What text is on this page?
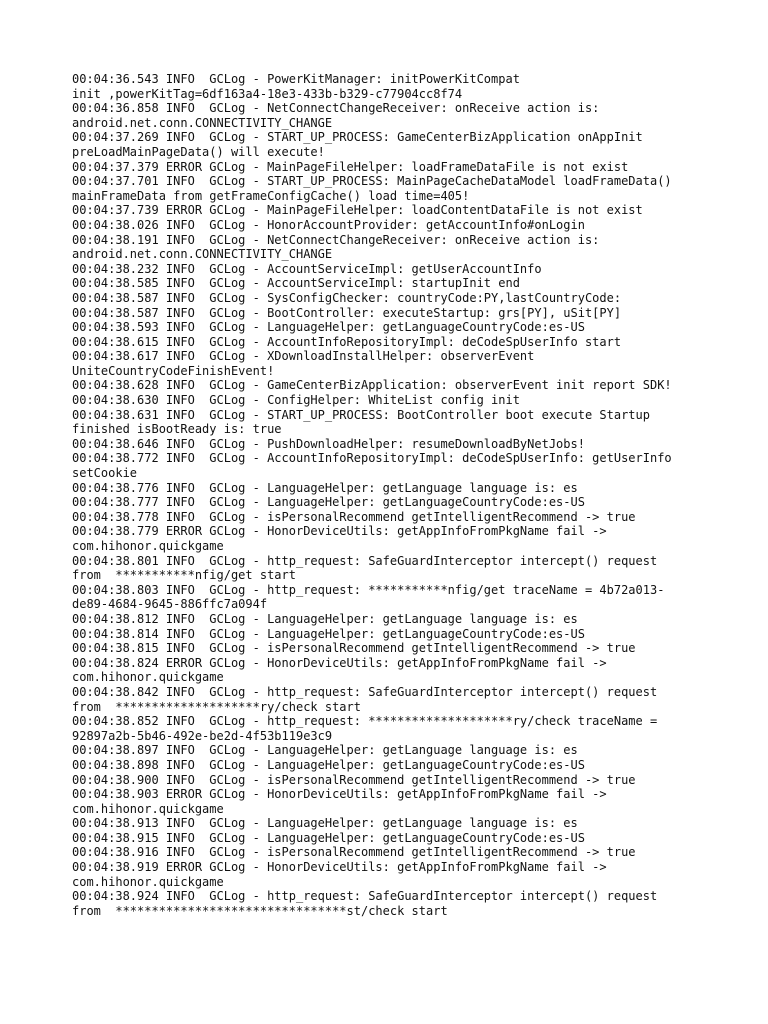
00:04:36.543 INFO  GCLog - PowerKitManager: initPowerKitCompat
init ,powerKitTag=6df163a4-18e3-433b-b329-c77904cc8f74
00:04:36.858 INFO  GCLog - NetConnectChangeReceiver: onReceive action is:
android.net.conn.CONNECTIVITY_CHANGE
00:04:37.269 INFO  GCLog - START_UP_PROCESS: GameCenterBizApplication onAppInit
preLoadMainPageData() will execute!
00:04:37.379 ERROR GCLog - MainPageFileHelper: loadFrameDataFile is not exist
00:04:37.701 INFO  GCLog - START_UP_PROCESS: MainPageCacheDataModel loadFrameData()
mainFrameData from getFrameConfigCache() load time=405!
00:04:37.739 ERROR GCLog - MainPageFileHelper: loadContentDataFile is not exist
00:04:38.026 INFO  GCLog - HonorAccountProvider: getAccountInfo#onLogin
00:04:38.191 INFO  GCLog - NetConnectChangeReceiver: onReceive action is:
android.net.conn.CONNECTIVITY_CHANGE
00:04:38.232 INFO  GCLog - AccountServiceImpl: getUserAccountInfo
00:04:38.585 INFO  GCLog - AccountServiceImpl: startupInit end
00:04:38.587 INFO  GCLog - SysConfigChecker: countryCode:PY,lastCountryCode:
00:04:38.587 INFO  GCLog - BootController: executeStartup: grs[PY], uSit[PY]
00:04:38.593 INFO  GCLog - LanguageHelper: getLanguageCountryCode:es-US
00:04:38.615 INFO  GCLog - AccountInfoRepositoryImpl: deCodeSpUserInfo start
00:04:38.617 INFO  GCLog - XDownloadInstallHelper: observerEvent
UniteCountryCodeFinishEvent!
00:04:38.628 INFO  GCLog - GameCenterBizApplication: observerEvent init report SDK!
00:04:38.630 INFO  GCLog - ConfigHelper: WhiteList config init
00:04:38.631 INFO  GCLog - START_UP_PROCESS: BootController boot execute Startup
finished isBootReady is: true
00:04:38.646 INFO  GCLog - PushDownloadHelper: resumeDownloadByNetJobs!
00:04:38.772 INFO  GCLog - AccountInfoRepositoryImpl: deCodeSpUserInfo: getUserInfo
setCookie
00:04:38.776 INFO  GCLog - LanguageHelper: getLanguage language is: es
00:04:38.777 INFO  GCLog - LanguageHelper: getLanguageCountryCode:es-US
00:04:38.778 INFO  GCLog - isPersonalRecommend getIntelligentRecommend -> true
00:04:38.779 ERROR GCLog - HonorDeviceUtils: getAppInfoFromPkgName fail ->
com.hihonor.quickgame
00:04:38.801 INFO  GCLog - http_request: SafeGuardInterceptor intercept() request
from  ***********nfig/get start
00:04:38.803 INFO  GCLog - http_request: ***********nfig/get traceName = 4b72a013-
de89-4684-9645-886ffc7a094f
00:04:38.812 INFO  GCLog - LanguageHelper: getLanguage language is: es
00:04:38.814 INFO  GCLog - LanguageHelper: getLanguageCountryCode:es-US
00:04:38.815 INFO  GCLog - isPersonalRecommend getIntelligentRecommend -> true
00:04:38.824 ERROR GCLog - HonorDeviceUtils: getAppInfoFromPkgName fail ->
com.hihonor.quickgame
00:04:38.842 INFO  GCLog - http_request: SafeGuardInterceptor intercept() request
from  ********************ry/check start
00:04:38.852 INFO  GCLog - http_request: ********************ry/check traceName =
92897a2b-5b46-492e-be2d-4f53b119e3c9
00:04:38.897 INFO  GCLog - LanguageHelper: getLanguage language is: es
00:04:38.898 INFO  GCLog - LanguageHelper: getLanguageCountryCode:es-US
00:04:38.900 INFO  GCLog - isPersonalRecommend getIntelligentRecommend -> true
00:04:38.903 ERROR GCLog - HonorDeviceUtils: getAppInfoFromPkgName fail ->
com.hihonor.quickgame
00:04:38.913 INFO  GCLog - LanguageHelper: getLanguage language is: es
00:04:38.915 INFO  GCLog - LanguageHelper: getLanguageCountryCode:es-US
00:04:38.916 INFO  GCLog - isPersonalRecommend getIntelligentRecommend -> true
00:04:38.919 ERROR GCLog - HonorDeviceUtils: getAppInfoFromPkgName fail ->
com.hihonor.quickgame
00:04:38.924 INFO  GCLog - http_request: SafeGuardInterceptor intercept() request
from  ********************************st/check start
